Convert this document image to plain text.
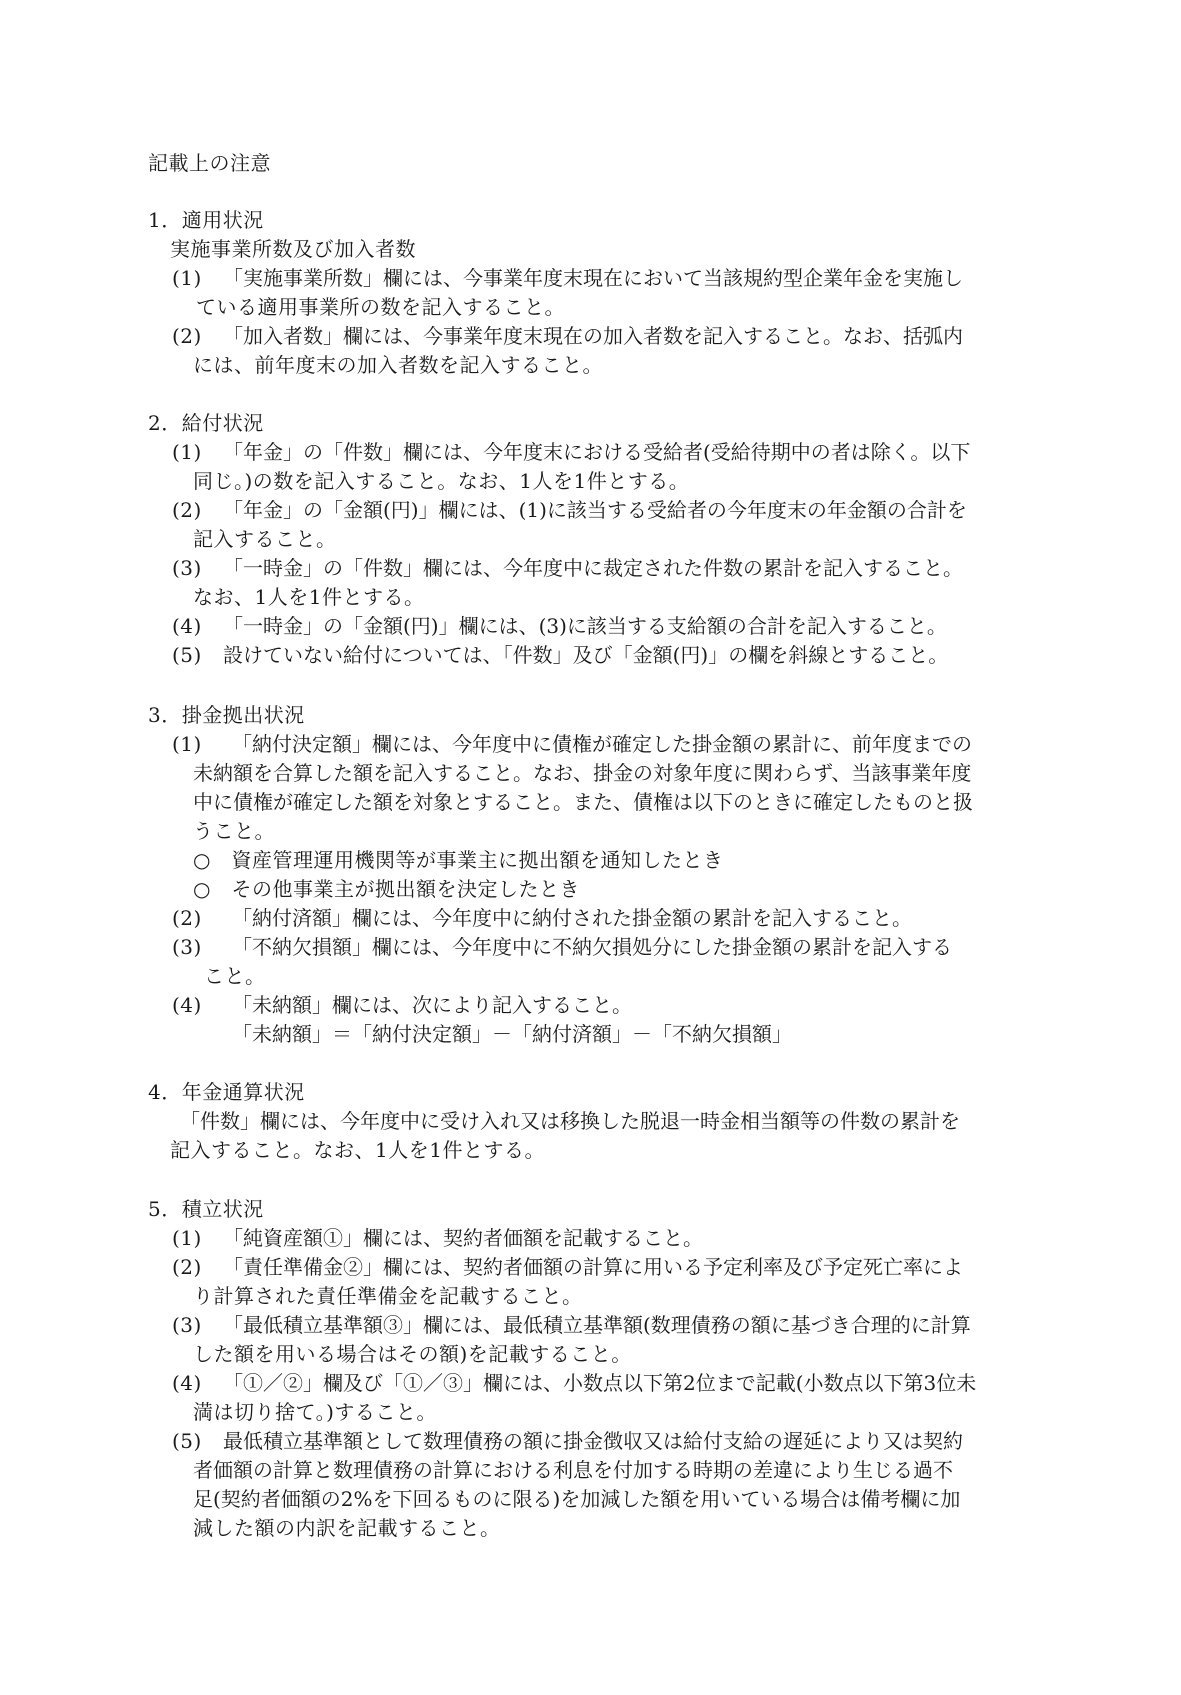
記載上の注意
1．適用状況
実施事業所数及び加入者数
(1) 「実施事業所数」欄には、今事業年度末現在において当該規約型企業年金を実施し
ている適用事業所の数を記入すること。
(2) 「加入者数」欄には、今事業年度末現在の加入者数を記入すること。なお、括弧内
には、前年度末の加入者数を記入すること。
2．給付状況
(1) 「年金」の「件数」欄には、今年度末における受給者(受給待期中の者は除く。以下
同じ。)の数を記入すること。なお、1人を1件とする。
(2) 「年金」の「金額(円)」欄には、(1)に該当する受給者の今年度末の年金額の合計を
記入すること。
(3) 「一時金」の「件数」欄には、今年度中に裁定された件数の累計を記入すること。
なお、1人を1件とする。
(4) 「一時金」の「金額(円)」欄には、(3)に該当する支給額の合計を記入すること。
(5) 設けていない給付については、「件数」及び「金額(円)」の欄を斜線とすること。
3．掛金拠出状況
(1) 「納付決定額」欄には、今年度中に債権が確定した掛金額の累計に、前年度までの
未納額を合算した額を記入すること。なお、掛金の対象年度に関わらず、当該事業年度
中に債権が確定した額を対象とすること。また、債権は以下のときに確定したものと扱
うこと。
○　資産管理運用機関等が事業主に拠出額を通知したとき
○　その他事業主が拠出額を決定したとき
(2) 「納付済額」欄には、今年度中に納付された掛金額の累計を記入すること。
(3) 「不納欠損額」欄には、今年度中に不納欠損処分にした掛金額の累計を記入する
こと。
(4) 「未納額」欄には、次により記入すること。
「未納額」＝「納付決定額」－「納付済額」－「不納欠損額」
4．年金通算状況
「件数」欄には、今年度中に受け入れ又は移換した脱退一時金相当額等の件数の累計を
記入すること。なお、1人を1件とする。
5．積立状況
(1) 「純資産額①」欄には、契約者価額を記載すること。
(2) 「責任準備金②」欄には、契約者価額の計算に用いる予定利率及び予定死亡率によ
り計算された責任準備金を記載すること。
(3) 「最低積立基準額③」欄には、最低積立基準額(数理債務の額に基づき合理的に計算
した額を用いる場合はその額)を記載すること。
(4) 「①／②」欄及び「①／③」欄には、小数点以下第2位まで記載(小数点以下第3位未
満は切り捨て。)すること。
(5) 最低積立基準額として数理債務の額に掛金徴収又は給付支給の遅延により又は契約
者価額の計算と数理債務の計算における利息を付加する時期の差違により生じる過不
足(契約者価額の2%を下回るものに限る)を加減した額を用いている場合は備考欄に加
減した額の内訳を記載すること。
